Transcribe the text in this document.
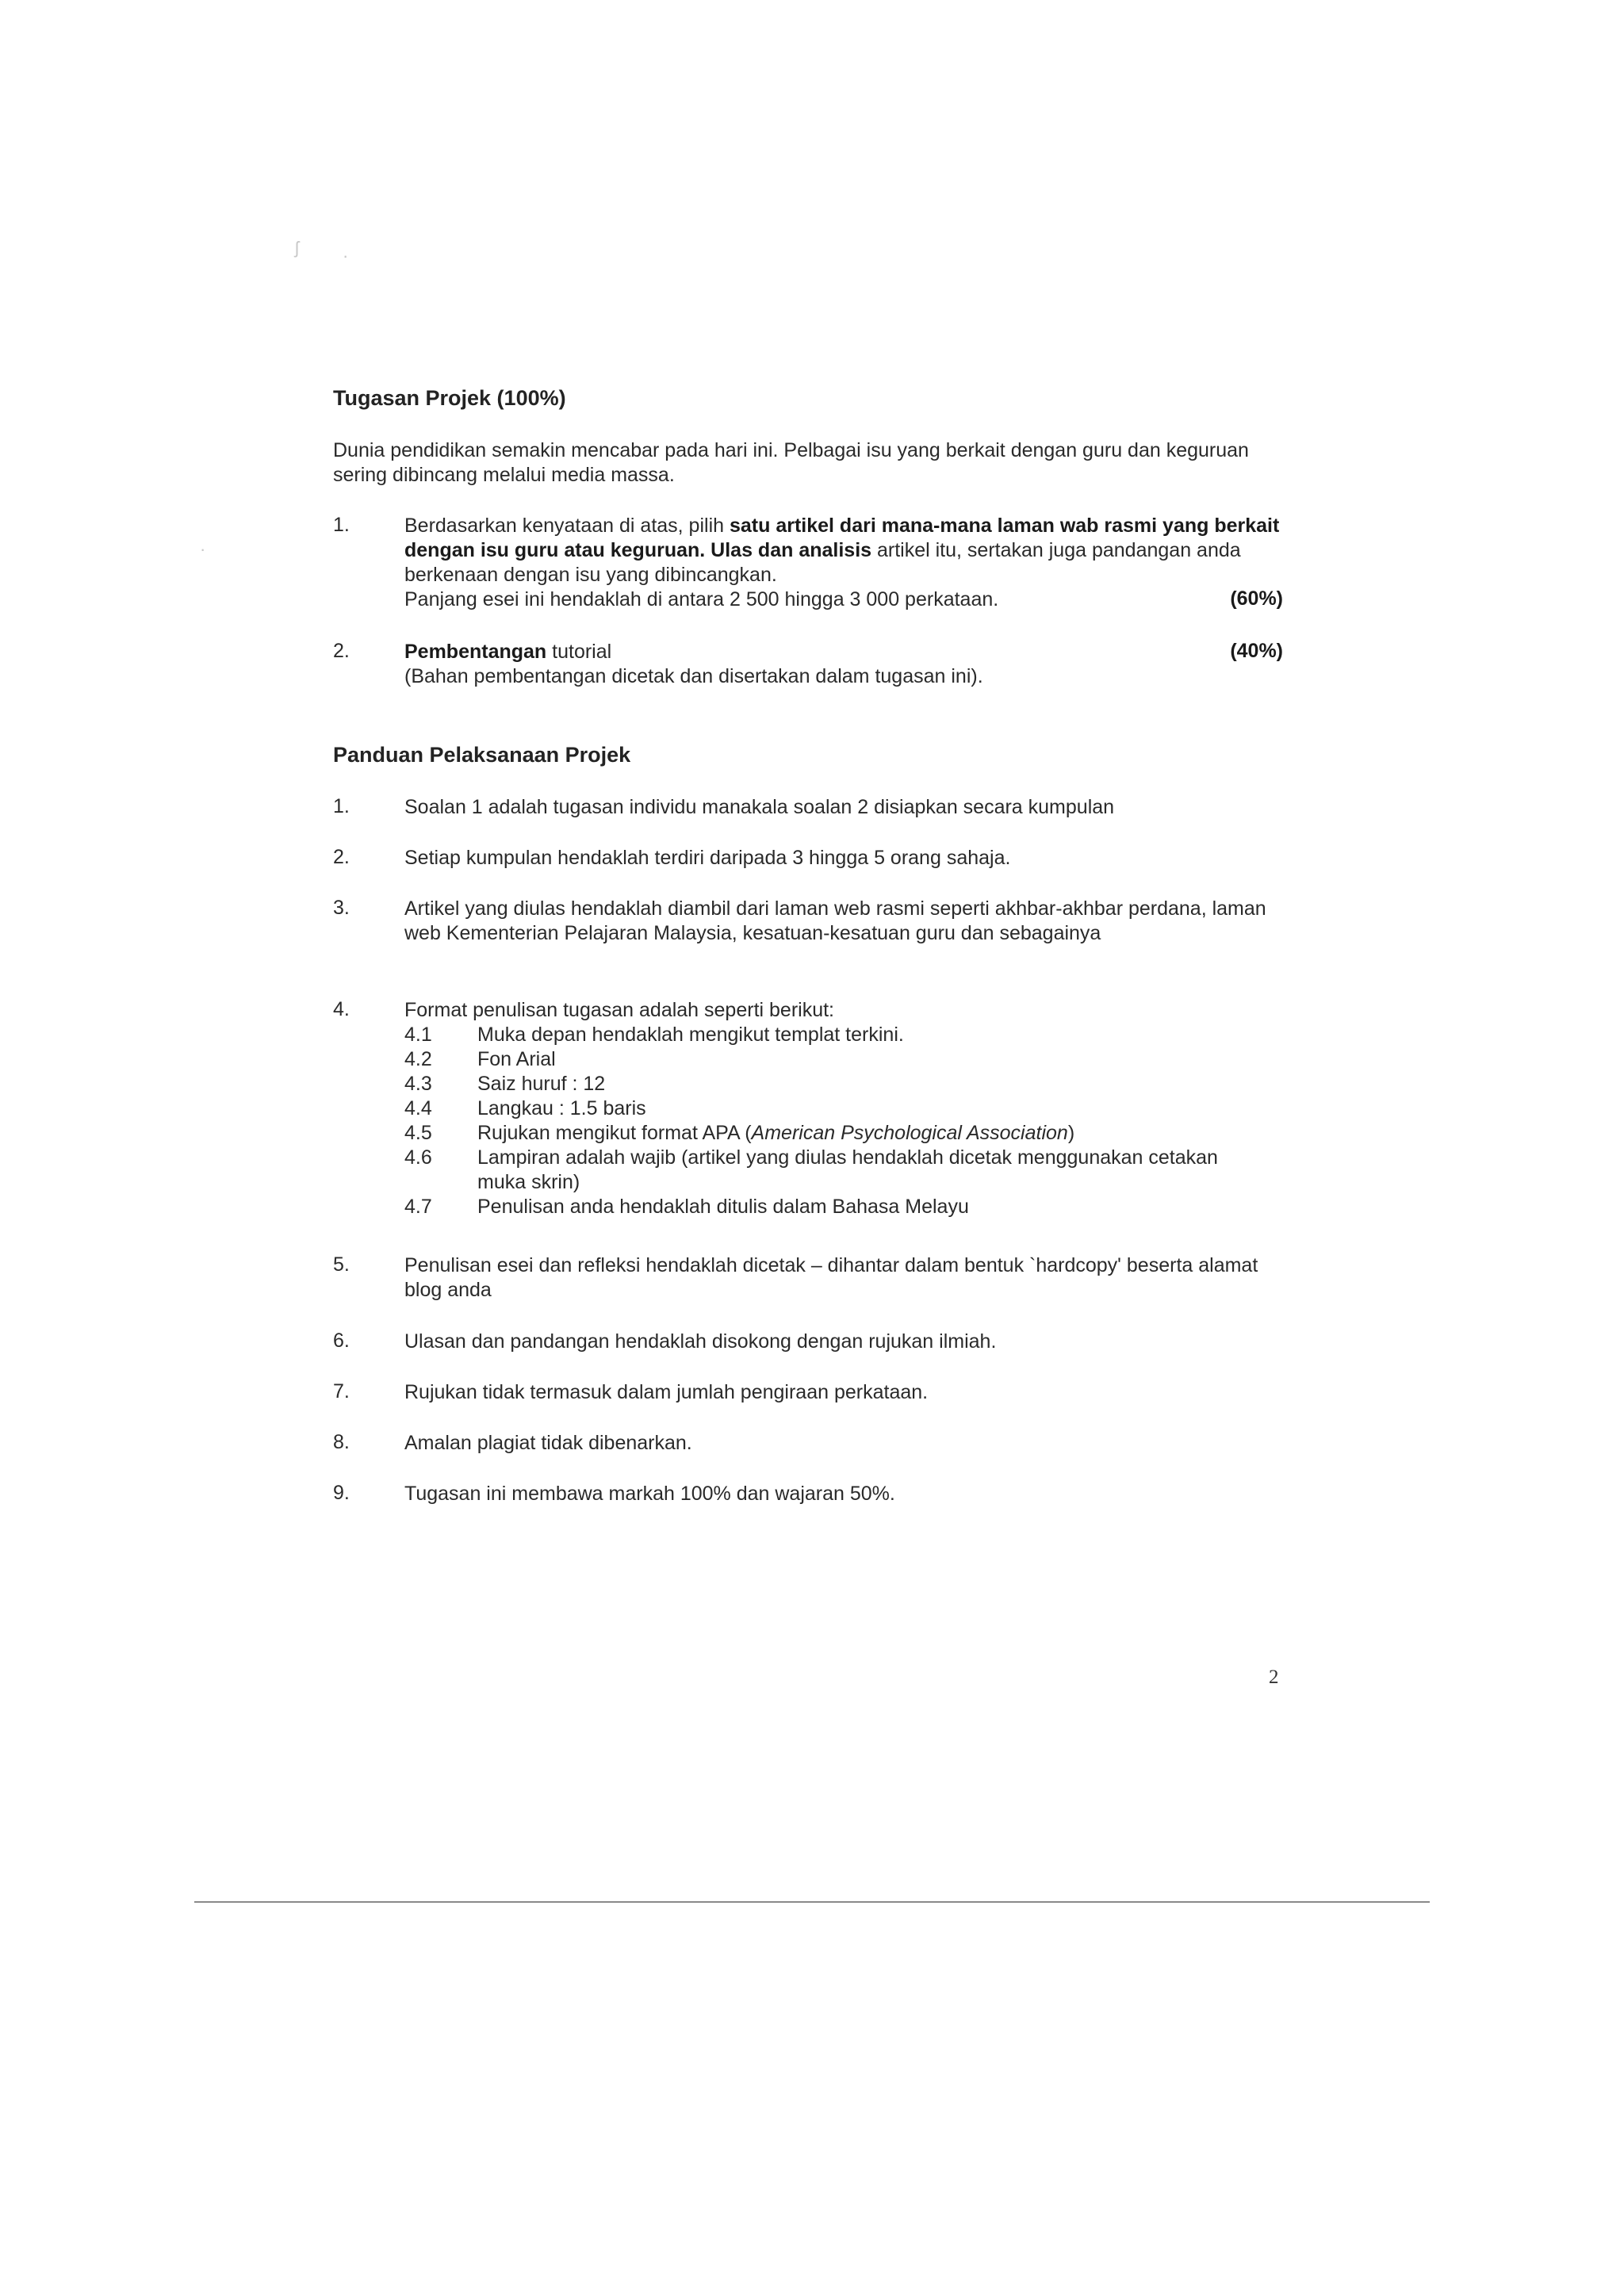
ʃ	·
·
Tugasan Projek (100%)
Dunia pendidikan semakin mencabar pada hari ini. Pelbagai isu yang berkait dengan guru dan keguruan sering dibincang melalui media massa.
1.	Berdasarkan kenyataan di atas, pilih satu artikel dari mana-mana laman wab rasmi yang berkait dengan isu guru atau keguruan. Ulas dan analisis artikel itu, sertakan juga pandangan anda berkenaan dengan isu yang dibincangkan.
Panjang esei ini hendaklah di antara 2 500 hingga 3 000 perkataan.	(60%)
2.	Pembentangan tutorial
(Bahan pembentangan dicetak dan disertakan dalam tugasan ini).
(40%)
Panduan Pelaksanaan Projek
1.	Soalan 1 adalah tugasan individu manakala soalan 2 disiapkan secara kumpulan
2.	Setiap kumpulan hendaklah terdiri daripada 3 hingga 5 orang sahaja.
3.	Artikel yang diulas hendaklah diambil dari laman web rasmi seperti akhbar-akhbar perdana, laman web Kementerian Pelajaran Malaysia, kesatuan-kesatuan guru dan sebagainya
4.	Format penulisan tugasan adalah seperti berikut:
4.1 Muka depan hendaklah mengikut templat terkini.
4.2 Fon Arial
4.3 Saiz huruf : 12
4.4 Langkau : 1.5 baris
4.5 Rujukan mengikut format APA (American Psychological Association)
4.6 Lampiran adalah wajib (artikel yang diulas hendaklah dicetak menggunakan cetakan muka skrin)
4.7 Penulisan anda hendaklah ditulis dalam Bahasa Melayu
5.	Penulisan esei dan refleksi hendaklah dicetak – dihantar dalam bentuk `hardcopy' beserta alamat blog anda
6.	Ulasan dan pandangan hendaklah disokong dengan rujukan ilmiah.
7.	Rujukan tidak termasuk dalam jumlah pengiraan perkataan.
8.	Amalan plagiat tidak dibenarkan.
9.	Tugasan ini membawa markah 100% dan wajaran 50%.
2
